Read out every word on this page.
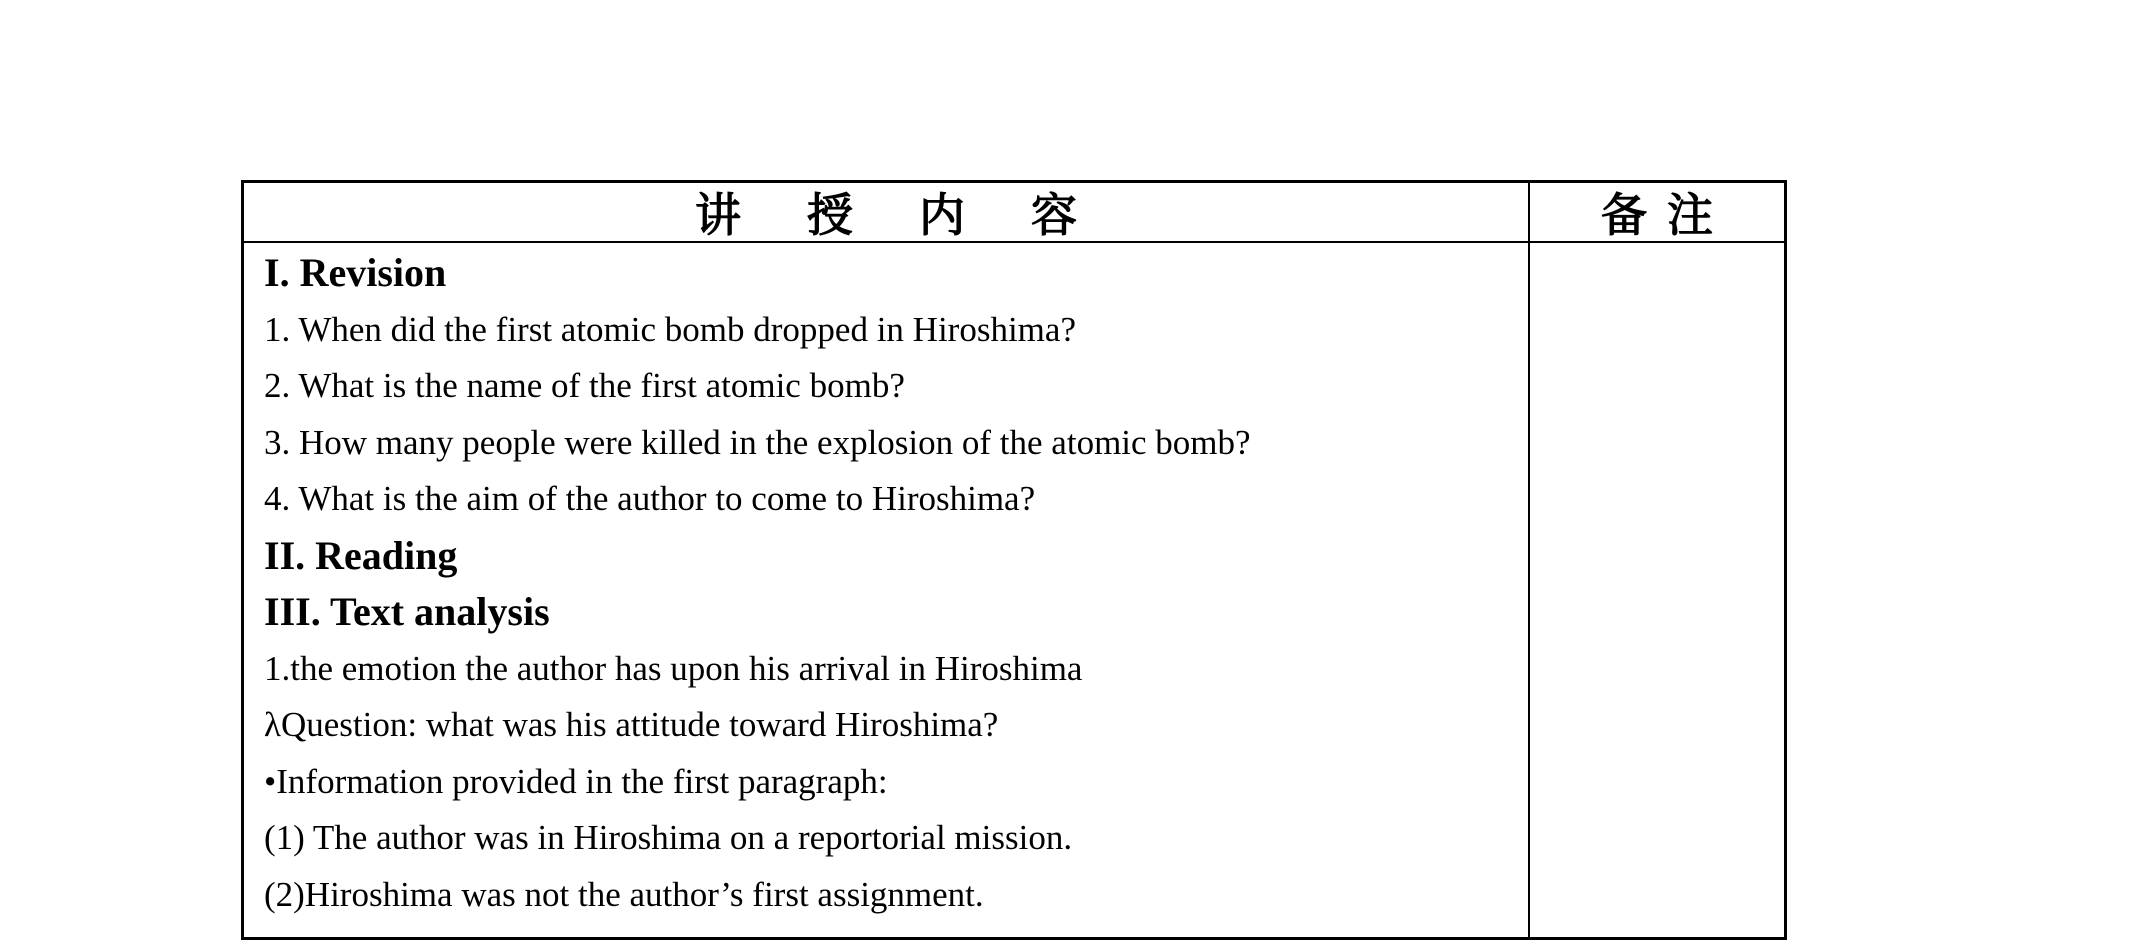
讲 授 内 容	备 注
I. Revision
1. When did the first atomic bomb dropped in Hiroshima?
2. What is the name of the first atomic bomb?
3. How many people were killed in the explosion of the atomic bomb?
4. What is the aim of the author to come to Hiroshima?
II. Reading
III. Text analysis
1.the emotion the author has upon his arrival in Hiroshima
λQuestion: what was his attitude toward Hiroshima?
•Information provided in the first paragraph:
(1) The author was in Hiroshima on a reportorial mission.
(2)Hiroshima was not the author’s first assignment.
